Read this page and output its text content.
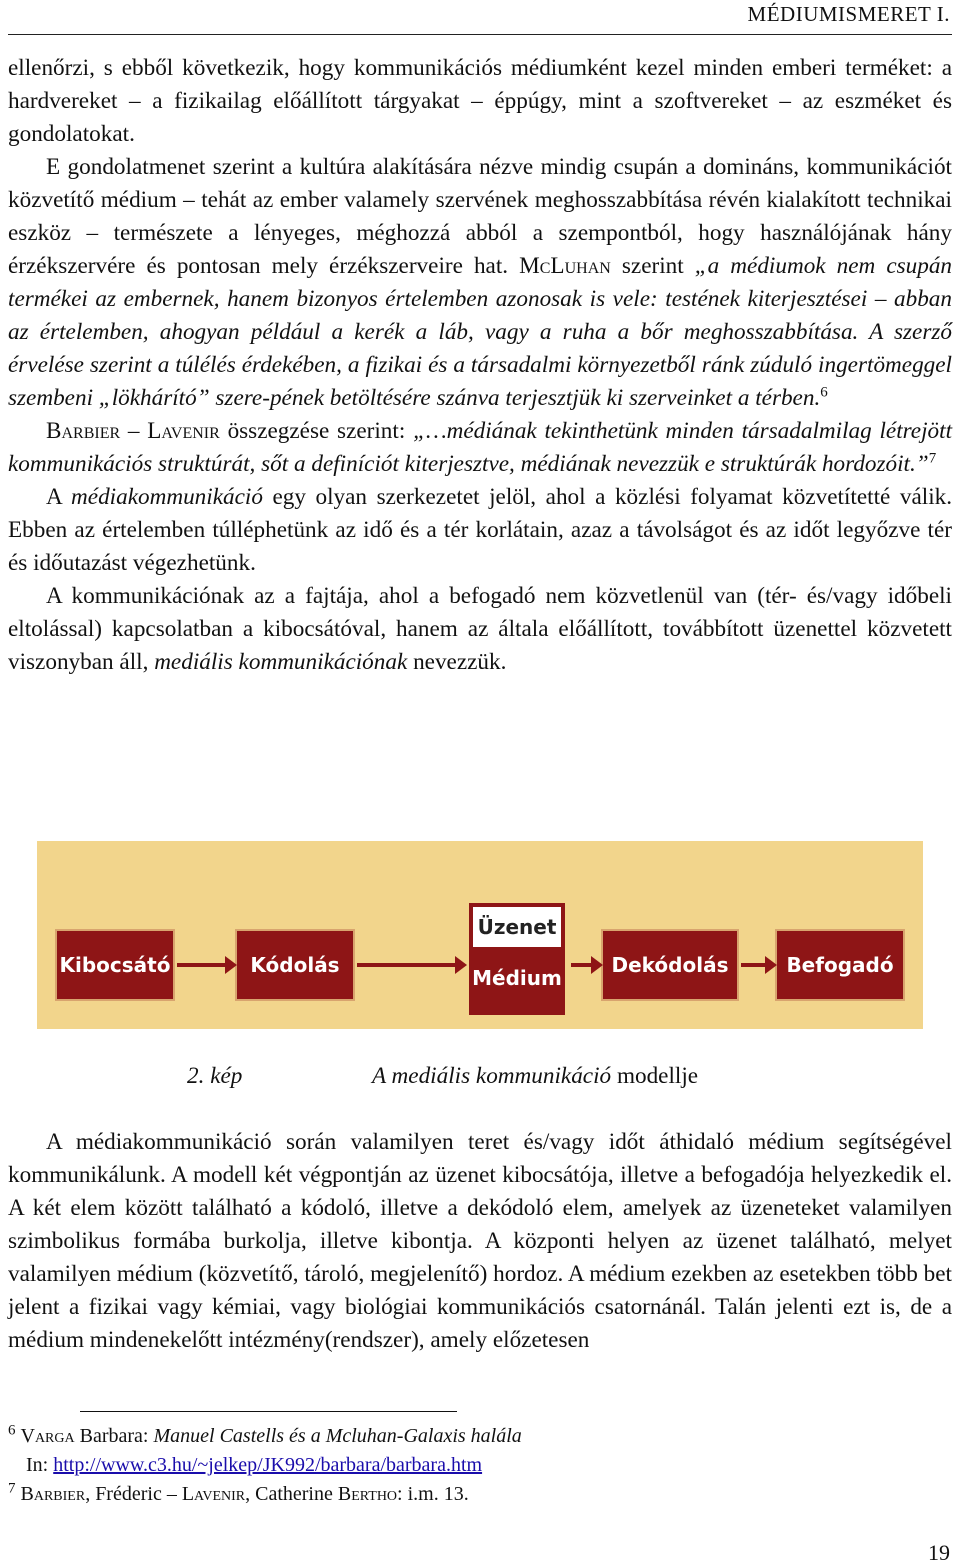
MÉDIUMISMERET I.

ellenőrzi, s ebből következik, hogy kommunikációs médiumként kezel minden emberi terméket: a hardvereket – a fizikailag előállított tárgyakat – éppúgy, mint a szoftvereket – az eszméket és gondolatokat.

E gondolatmenet szerint a kultúra alakítására nézve mindig csupán a domináns, kommunikációt közvetítő médium – tehát az ember valamely szervének meghosszabbítása révén kialakított technikai eszköz – természete a lényeges, méghozzá abból a szempontból, hogy használójának hány érzékszervére és pontosan mely érzékszerveire hat. McLuhan szerint „a médiumok nem csupán termékei az embernek, hanem bizonyos értelemben azonosak is vele: testének kiterjesztései – abban az értelemben, ahogyan például a kerék a láb, vagy a ruha a bőr meghosszabbítása. A szerző érvelése szerint a túlélés érdekében, a fizikai és a társadalmi környezetből ránk zúduló ingertömeggel szembeni „lökhárító” szere-pének betöltésére szánva terjesztjük ki szerveinket a térben.$^6$

Barbier – Lavenir összegzése szerint: „…médiának tekinthetünk minden társadalmilag létrejött kommunikációs struktúrát, sőt a definíciót kiterjesztve, médiának nevezzük e struktúrák hordozóit.”$^7$

A médiakommunikáció egy olyan szerkezetet jelöl, ahol a közlési folyamat közvetítetté válik. Ebben az értelemben túlléphetünk az idő és a tér korlátain, azaz a távolságot és az időt legyőzve tér és időutazást végezhetünk.

A kommunikációnak az a fajtája, ahol a befogadó nem közvetlenül van (tér- és/vagy időbeli eltolással) kapcsolatban a kibocsátóval, hanem az általa előállított, továbbított üzenettel közvetett viszonyban áll, mediális kommunikációnak nevezzük.

Kibocsátó	Kódolás
Üzenet
Médium
Dekódolás	Befogadó
2. kép	A mediális kommunikáció modellje

A médiakommunikáció során valamilyen teret és/vagy időt áthidaló médium segítségével kommunikálunk. A modell két végpontján az üzenet kibocsátója, illetve a befogadója helyezkedik el. A két elem között található a kódoló, illetve a dekódoló elem, amelyek az üzeneteket valamilyen szimbolikus formába burkolja, illetve kibontja. A központi helyen az üzenet található, melyet valamilyen médium (közvetítő, tároló, megjelenítő) hordoz. A médium ezekben az esetekben több bet jelent a fizikai vagy kémiai, vagy biológiai kommunikációs csatornánál. Talán jelenti ezt is, de a médium mindenekelőtt intézmény(rendszer), amely előzetesen

$^6$ Varga Barbara: Manuel Castells és a Mcluhan-Galaxis halála
In: http://www.c3.hu/~jelkep/JK992/barbara/barbara.htm
$^7$ Barbier, Fréderic – Lavenir, Catherine Bertho: i.m. 13.
19
